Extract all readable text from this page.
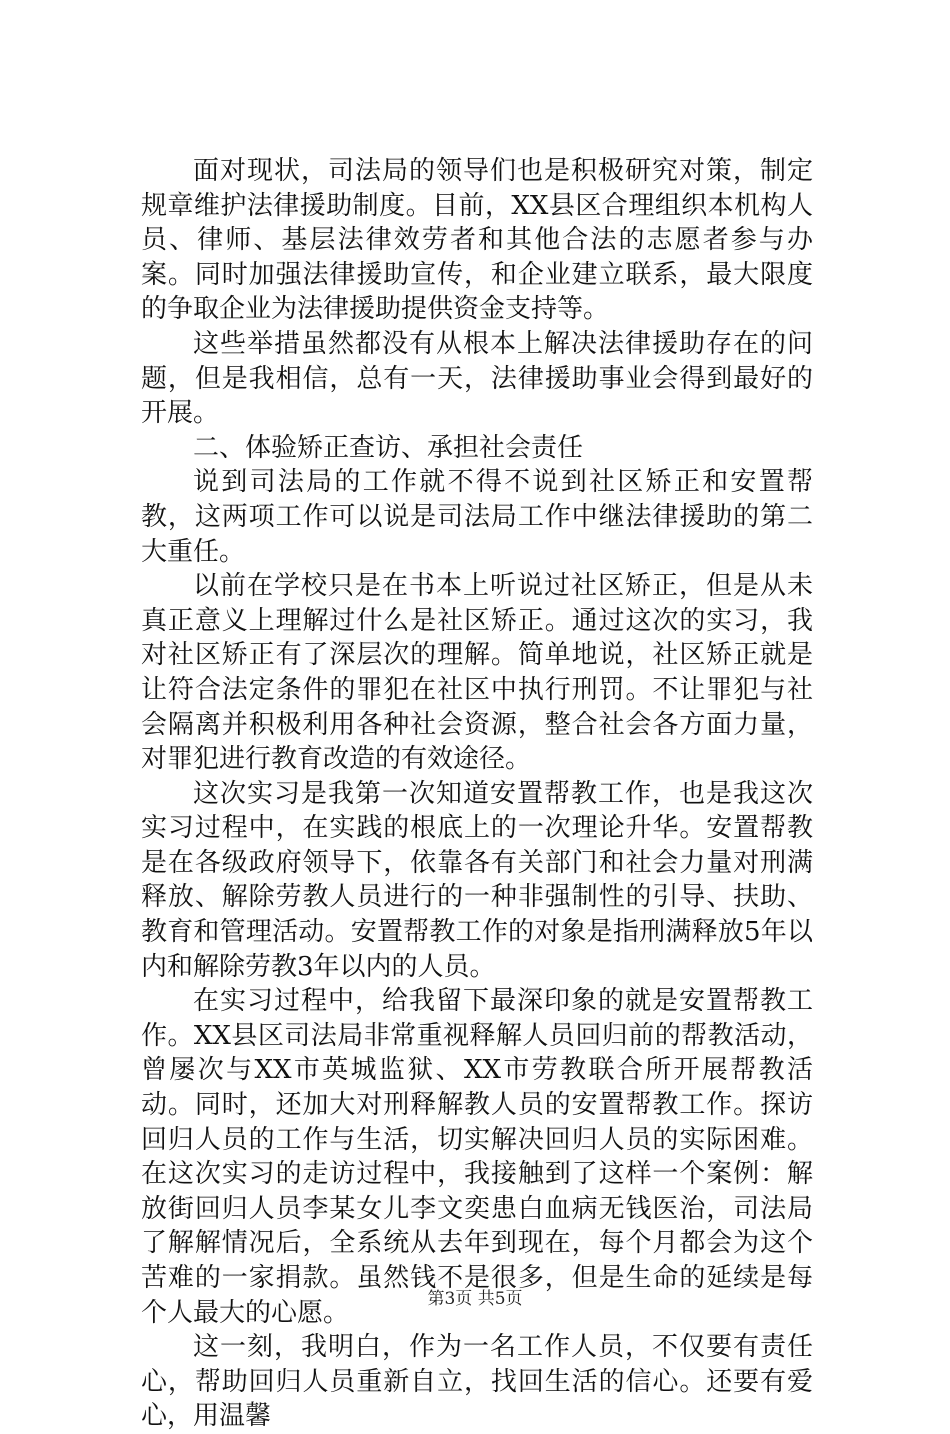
面对现状，司法局的领导们也是积极研究对策，制定规章维护法律援助制度。目前，XX县区合理组织本机构人员、律师、基层法律效劳者和其他合法的志愿者参与办案。同时加强法律援助宣传，和企业建立联系，最大限度的争取企业为法律援助提供资金支持等。

这些举措虽然都没有从根本上解决法律援助存在的问题，但是我相信，总有一天，法律援助事业会得到最好的开展。

二、体验矫正查访、承担社会责任

说到司法局的工作就不得不说到社区矫正和安置帮教，这两项工作可以说是司法局工作中继法律援助的第二大重任。

以前在学校只是在书本上听说过社区矫正，但是从未真正意义上理解过什么是社区矫正。通过这次的实习，我对社区矫正有了深层次的理解。简单地说，社区矫正就是让符合法定条件的罪犯在社区中执行刑罚。不让罪犯与社会隔离并积极利用各种社会资源，整合社会各方面力量，对罪犯进行教育改造的有效途径。

这次实习是我第一次知道安置帮教工作，也是我这次实习过程中，在实践的根底上的一次理论升华。安置帮教是在各级政府领导下，依靠各有关部门和社会力量对刑满释放、解除劳教人员进行的一种非强制性的引导、扶助、教育和管理活动。安置帮教工作的对象是指刑满释放5年以内和解除劳教3年以内的人员。

在实习过程中，给我留下最深印象的就是安置帮教工作。XX县区司法局非常重视释解人员回归前的帮教活动，曾屡次与XX市英城监狱、XX市劳教联合所开展帮教活动。同时，还加大对刑释解教人员的安置帮教工作。探访回归人员的工作与生活，切实解决回归人员的实际困难。在这次实习的走访过程中，我接触到了这样一个案例：解放街回归人员李某女儿李文奕患白血病无钱医治，司法局了解解情况后，全系统从去年到现在，每个月都会为这个苦难的一家捐款。虽然钱不是很多，但是生命的延续是每个人最大的心愿。

这一刻，我明白，作为一名工作人员，不仅要有责任心，帮助回归人员重新自立，找回生活的信心。还要有爱心，用温馨

第3页 共5页
